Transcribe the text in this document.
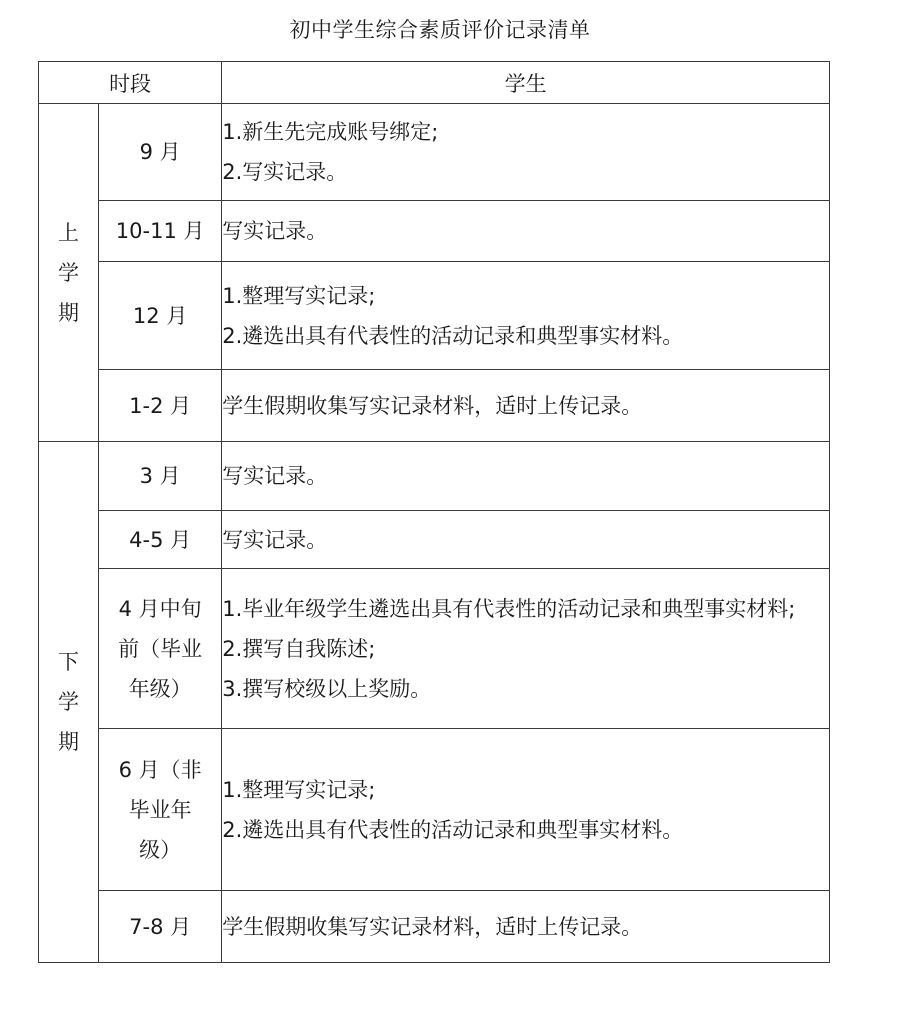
初中学生综合素质评价记录清单
时段		学生

上学期	9 月	1.新生先完成账号绑定;
2.写实记录。

	10-11 月	写实记录。

	12 月	1.整理写实记录;
2.遴选出具有代表性的活动记录和典型事实材料。

	1-2 月	学生假期收集写实记录材料，适时上传记录。

下学期	3 月	写实记录。

	4-5 月	写实记录。

	4 月中旬前（毕业年级）	1.毕业年级学生遴选出具有代表性的活动记录和典型事实材料;
2.撰写自我陈述;
3.撰写校级以上奖励。

	6 月（非毕业年级）	1.整理写实记录;
2.遴选出具有代表性的活动记录和典型事实材料。

	7-8 月	学生假期收集写实记录材料，适时上传记录。
